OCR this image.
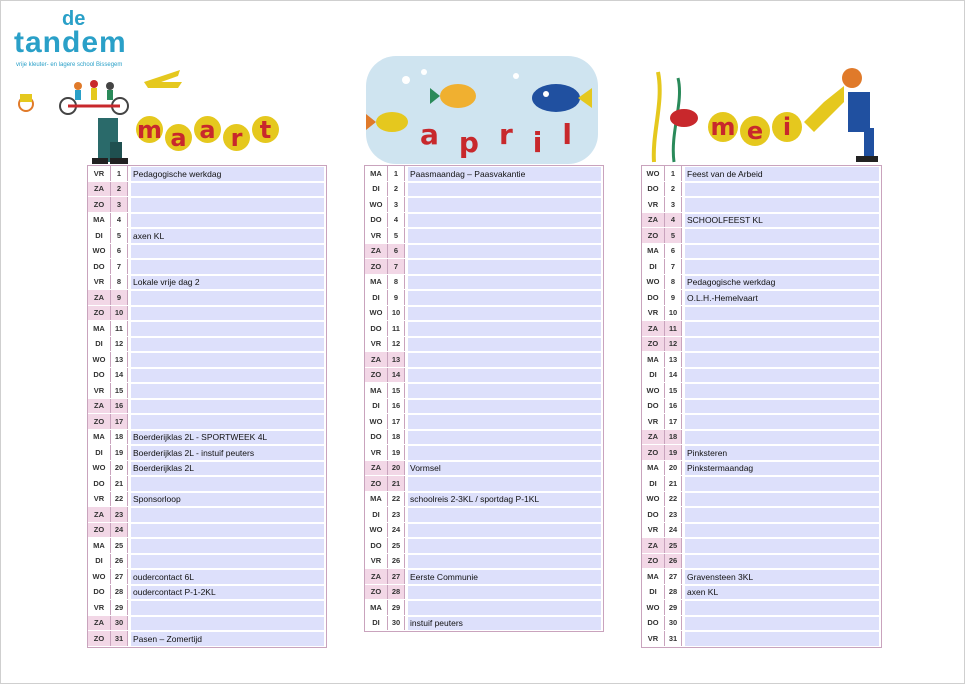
de
tandem
vrije kleuter- en lagere school Bissegem
m a a r t	a p r i l	m e i
VR	1	Pedagogische werkdag
ZA	2
ZO	3
MA	4
DI	5	axen KL
WO	6
DO	7
VR	8	Lokale vrije dag 2
ZA	9
ZO	10
MA	11
DI	12
WO	13
DO	14
VR	15
ZA	16
ZO	17
MA	18	Boerderijklas 2L - SPORTWEEK 4L
DI	19	Boerderijklas 2L - instuif peuters
WO	20	Boerderijklas 2L
DO	21
VR	22	Sponsorloop
ZA	23
ZO	24
MA	25
DI	26
WO	27	oudercontact 6L
DO	28	oudercontact P-1-2KL
VR	29
ZA	30
ZO	31	Pasen – Zomertijd
MA	1	Paasmaandag – Paasvakantie
DI	2
WO	3
DO	4
VR	5
ZA	6
ZO	7
MA	8
DI	9
WO	10
DO	11
VR	12
ZA	13
ZO	14
MA	15
DI	16
WO	17
DO	18
VR	19
ZA	20	Vormsel
ZO	21
MA	22	schoolreis 2-3KL / sportdag P-1KL
DI	23
WO	24
DO	25
VR	26
ZA	27	Eerste Communie
ZO	28
MA	29
DI	30	instuif peuters
WO	1	Feest van de Arbeid
DO	2
VR	3
ZA	4	SCHOOLFEEST KL
ZO	5
MA	6
DI	7
WO	8	Pedagogische werkdag
DO	9	O.L.H.-Hemelvaart
VR	10
ZA	11
ZO	12
MA	13
DI	14
WO	15
DO	16
VR	17
ZA	18
ZO	19	Pinksteren
MA	20	Pinkstermaandag
DI	21
WO	22
DO	23
VR	24
ZA	25
ZO	26
MA	27	Gravensteen 3KL
DI	28	axen KL
WO	29
DO	30
VR	31
